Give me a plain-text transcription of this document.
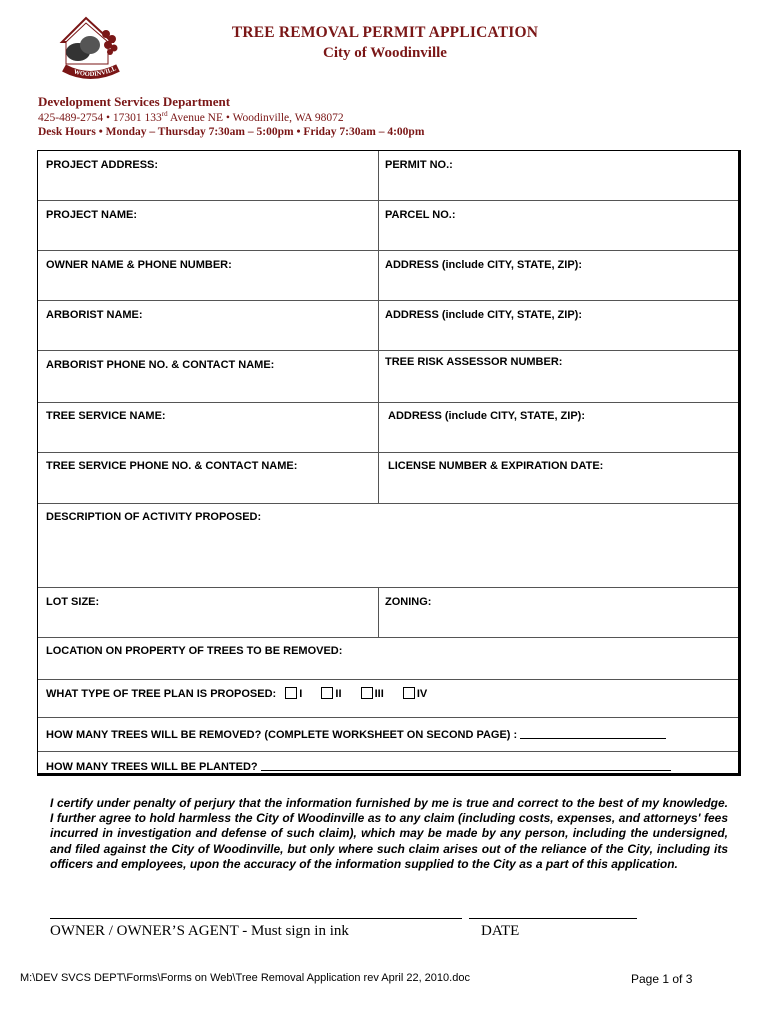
WOODINVILL
TREE REMOVAL PERMIT APPLICATION
City of Woodinville
Development Services Department
425-489-2754 • 17301 133rd Avenue NE • Woodinville, WA 98072
Desk Hours • Monday – Thursday 7:30am – 5:00pm • Friday 7:30am – 4:00pm
PROJECT ADDRESS:	PERMIT NO.:
PROJECT NAME:	PARCEL NO.:
OWNER NAME & PHONE NUMBER:	ADDRESS (include CITY, STATE, ZIP):
ARBORIST NAME:	ADDRESS (include CITY, STATE, ZIP):
ARBORIST PHONE NO. & CONTACT NAME:	TREE RISK ASSESSOR NUMBER:
TREE SERVICE NAME:	ADDRESS (include CITY, STATE, ZIP):
TREE SERVICE PHONE NO. & CONTACT NAME:	LICENSE NUMBER & EXPIRATION DATE:
DESCRIPTION OF ACTIVITY PROPOSED:
LOT SIZE:	ZONING:
LOCATION ON PROPERTY OF TREES TO BE REMOVED:
WHAT TYPE OF TREE PLAN IS PROPOSED: I	II	III	IV
HOW MANY TREES WILL BE REMOVED? (COMPLETE WORKSHEET ON SECOND PAGE) :
HOW MANY TREES WILL BE PLANTED?
I certify under penalty of perjury that the information furnished by me is true and correct to the best of my knowledge. I further agree to hold harmless the City of Woodinville as to any claim (including costs, expenses, and attorneys' fees incurred in investigation and defense of such claim), which may be made by any person, including the undersigned, and filed against the City of Woodinville, but only where such claim arises out of the reliance of the City, including its officers and employees, upon the accuracy of the information supplied to the City as a part of this application.
OWNER / OWNER’S AGENT - Must sign in ink	DATE
M:\DEV SVCS DEPT\Forms\Forms on Web\Tree Removal Application rev April 22, 2010.doc	Page 1 of 3
